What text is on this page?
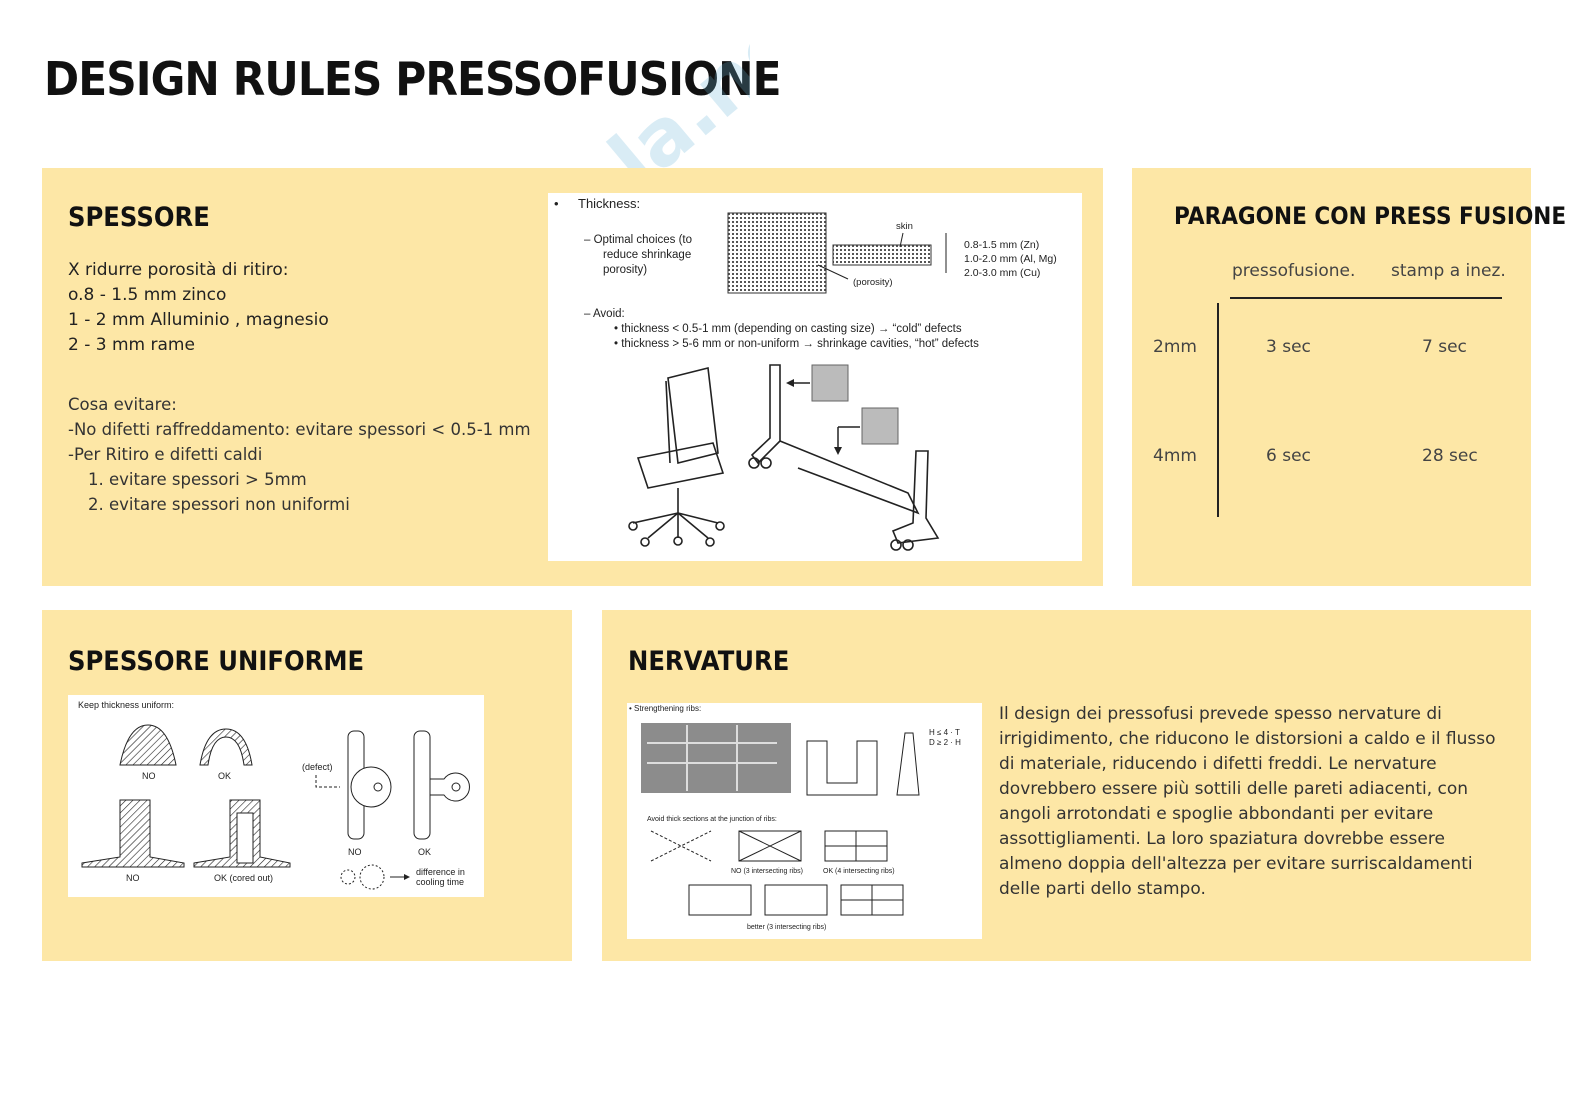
DESIGN RULES PRESSOFUSIONE
SPESSORE
X ridurre porosità di ritiro:
o.8 - 1.5 mm zinco
1 - 2 mm Alluminio , magnesio
2 - 3 mm rame
Cosa evitare:
-No difetti raffreddamento: evitare spessori < 0.5-1 mm
-Per Ritiro e difetti caldi
1. evitare spessori > 5mm
2. evitare spessori non uniformi
• Thickness:
– Optimal choices (to
reduce shrinkage
porosity)
skin
(porosity)
0.8-1.5 mm (Zn)
1.0-2.0 mm (Al, Mg)
2.0-3.0 mm (Cu)
– Avoid:
• thickness < 0.5-1 mm (depending on casting size) → “cold” defects
• thickness > 5-6 mm or non-uniform → shrinkage cavities, “hot” defects
PARAGONE CON PRESS FUSIONE
pressofusione. stamp a inez.
2mm	3 sec	7 sec
4mm	6 sec	28 sec
SPESSORE UNIFORME
Keep thickness uniform:
NO	OK
NO	OK (cored out)
(defect)
NO	OK
difference in
cooling time
NERVATURE
• Strengthening ribs:
H ≤ 4 · T
D ≥ 2 · H
Avoid thick sections at the junction of ribs:
NO (3 intersecting ribs)	OK (4 intersecting ribs)
better (3 intersecting ribs)
Il design dei pressofusi prevede spesso nervature di
irrigidimento, che riducono le distorsioni a caldo e il flusso
di materiale, riducendo i difetti freddi. Le nervature
dovrebbero essere più sottili delle pareti adiacenti, con
angoli arrotondati e spoglie abbondanti per evitare
assottigliamenti. La loro spaziatura dovrebbe essere
almeno doppia dell'altezza per evitare surriscaldamenti
delle parti dello stampo.
